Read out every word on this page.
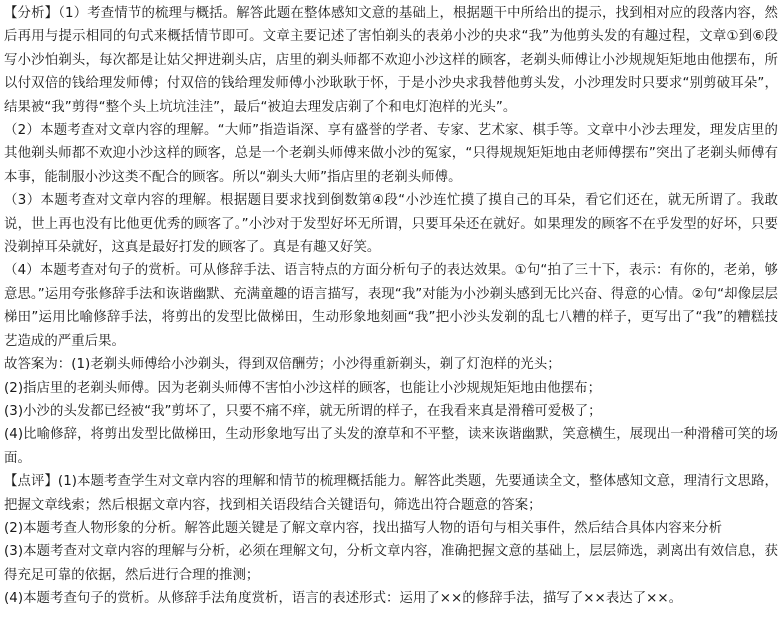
【分析】（1）考查情节的梳理与概括。解答此题在整体感知文意的基础上，根据题干中所给出的提示，找到相对应的段落内容，然后再用与提示相同的句式来概括情节即可。文章主要记述了害怕剃头的表弟小沙的央求“我”为他剪头发的有趣过程，文章①到⑥段写小沙怕剃头，每次都是让姑父押进剃头店，店里的剃头师都不欢迎小沙这样的顾客，老剃头师傅让小沙规规矩矩地由他摆布，所以付双倍的钱给理发师傅；付双倍的钱给理发师傅小沙耿耿于怀，于是小沙央求我替他剪头发，小沙理发时只要求“别剪破耳朵”，结果被“我”剪得“整个头上坑坑洼洼”，最后“被迫去理发店剃了个和电灯泡样的光头”。

（2）本题考查对文章内容的理解。“大师”指造诣深、享有盛誉的学者、专家、艺术家、棋手等。文章中小沙去理发，理发店里的其他剃头师都不欢迎小沙这样的顾客，总是一个老剃头师傅来做小沙的冤家，“只得规规矩矩地由老师傅摆布”突出了老剃头师傅有本事，能制服小沙这类不配合的顾客。所以“剃头大师”指店里的老剃头师傅。

（3）本题考查对文章内容的理解。根据题目要求找到倒数第④段“小沙连忙摸了摸自己的耳朵，看它们还在，就无所谓了。我敢说，世上再也没有比他更优秀的顾客了。”小沙对于发型好坏无所谓，只要耳朵还在就好。如果理发的顾客不在乎发型的好坏，只要没剃掉耳朵就好，这真是最好打发的顾客了。真是有趣又好笑。

（4）本题考查对句子的赏析。可从修辞手法、语言特点的方面分析句子的表达效果。①句“拍了三十下，表示：有你的，老弟，够意思。”运用夸张修辞手法和诙谐幽默、充满童趣的语言描写，表现“我”对能为小沙剃头感到无比兴奋、得意的心情。②句“却像层层梯田”运用比喻修辞手法，将剪出的发型比做梯田，生动形象地刻画“我”把小沙头发剃的乱七八糟的样子，更写出了“我”的糟糕技艺造成的严重后果。

故答案为：(1)老剃头师傅给小沙剃头，得到双倍酬劳；小沙得重新剃头，剃了灯泡样的光头；

(2)指店里的老剃头师傅。因为老剃头师傅不害怕小沙这样的顾客，也能让小沙规规矩矩地由他摆布；

(3)小沙的头发都已经被“我”剪坏了，只要不痛不痒，就无所谓的样子，在我看来真是滑稽可爱极了；

(4)比喻修辞，将剪出发型比做梯田，生动形象地写出了头发的潦草和不平整，读来诙谐幽默，笑意横生，展现出一种滑稽可笑的场面。

【点评】(1)本题考查学生对文章内容的理解和情节的梳理概括能力。解答此类题，先要通读全文，整体感知文意，理清行文思路，把握文章线索；然后根据文章内容，找到相关语段结合关键语句，筛选出符合题意的答案；

(2)本题考查人物形象的分析。解答此题关键是了解文章内容，找出描写人物的语句与相关事件，然后结合具体内容来分析

(3)本题考查对文章内容的理解与分析，必须在理解文句，分析文章内容，准确把握文意的基础上，层层筛选，剥离出有效信息，获得充足可靠的依据，然后进行合理的推测；

(4)本题考查句子的赏析。从修辞手法角度赏析，语言的表述形式：运用了××的修辞手法，描写了××表达了××。
